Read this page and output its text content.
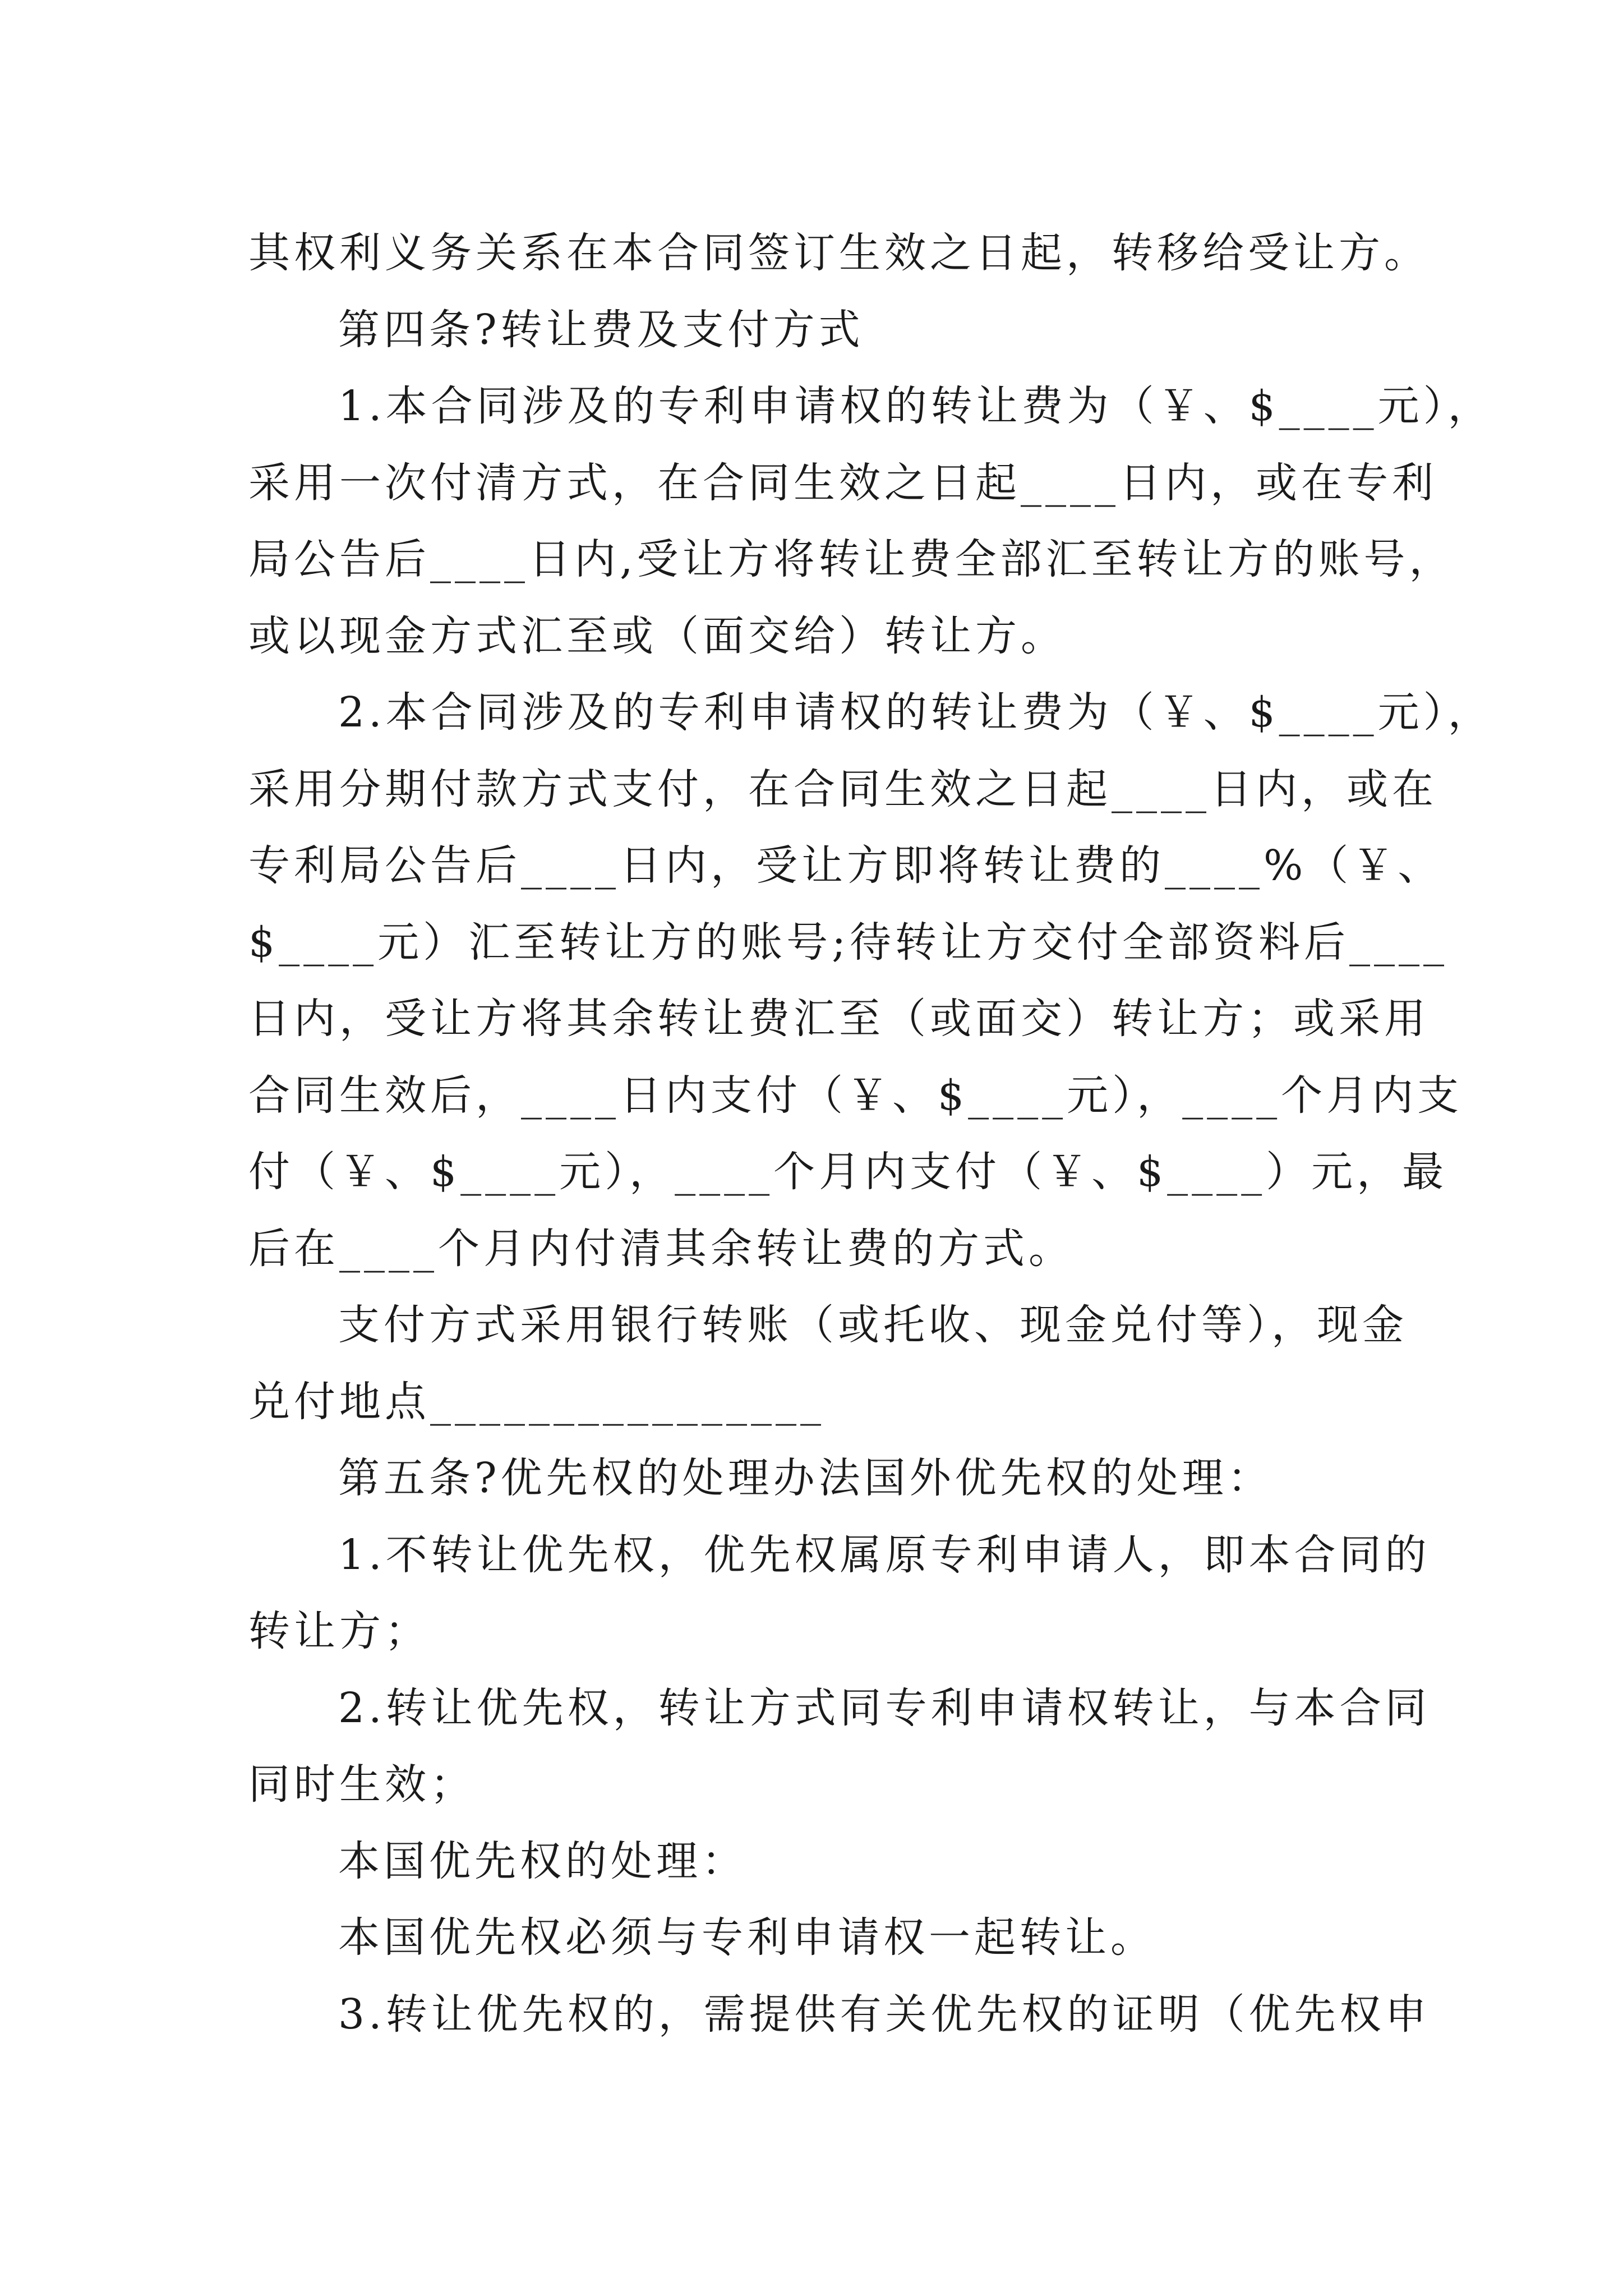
其权利义务关系在本合同签订生效之日起，转移给受让方。
第四条?转让费及支付方式
1.本合同涉及的专利申请权的转让费为（￥、$____元），
采用一次付清方式，在合同生效之日起____日内，或在专利
局公告后____日内,受让方将转让费全部汇至转让方的账号，
或以现金方式汇至或（面交给）转让方。
2.本合同涉及的专利申请权的转让费为（￥、$____元），
采用分期付款方式支付，在合同生效之日起____日内，或在
专利局公告后____日内，受让方即将转让费的____%（￥、
$____元）汇至转让方的账号;待转让方交付全部资料后____
日内，受让方将其余转让费汇至（或面交）转让方；或采用
合同生效后，____日内支付（￥、$____元），____个月内支
付（￥、$____元），____个月内支付（￥、$____）元，最
后在____个月内付清其余转让费的方式。
支付方式采用银行转账（或托收、现金兑付等），现金
兑付地点________________
第五条?优先权的处理办法国外优先权的处理：
1.不转让优先权，优先权属原专利申请人，即本合同的
转让方；
2.转让优先权，转让方式同专利申请权转让，与本合同
同时生效；
本国优先权的处理：
本国优先权必须与专利申请权一起转让。
3.转让优先权的，需提供有关优先权的证明（优先权申
